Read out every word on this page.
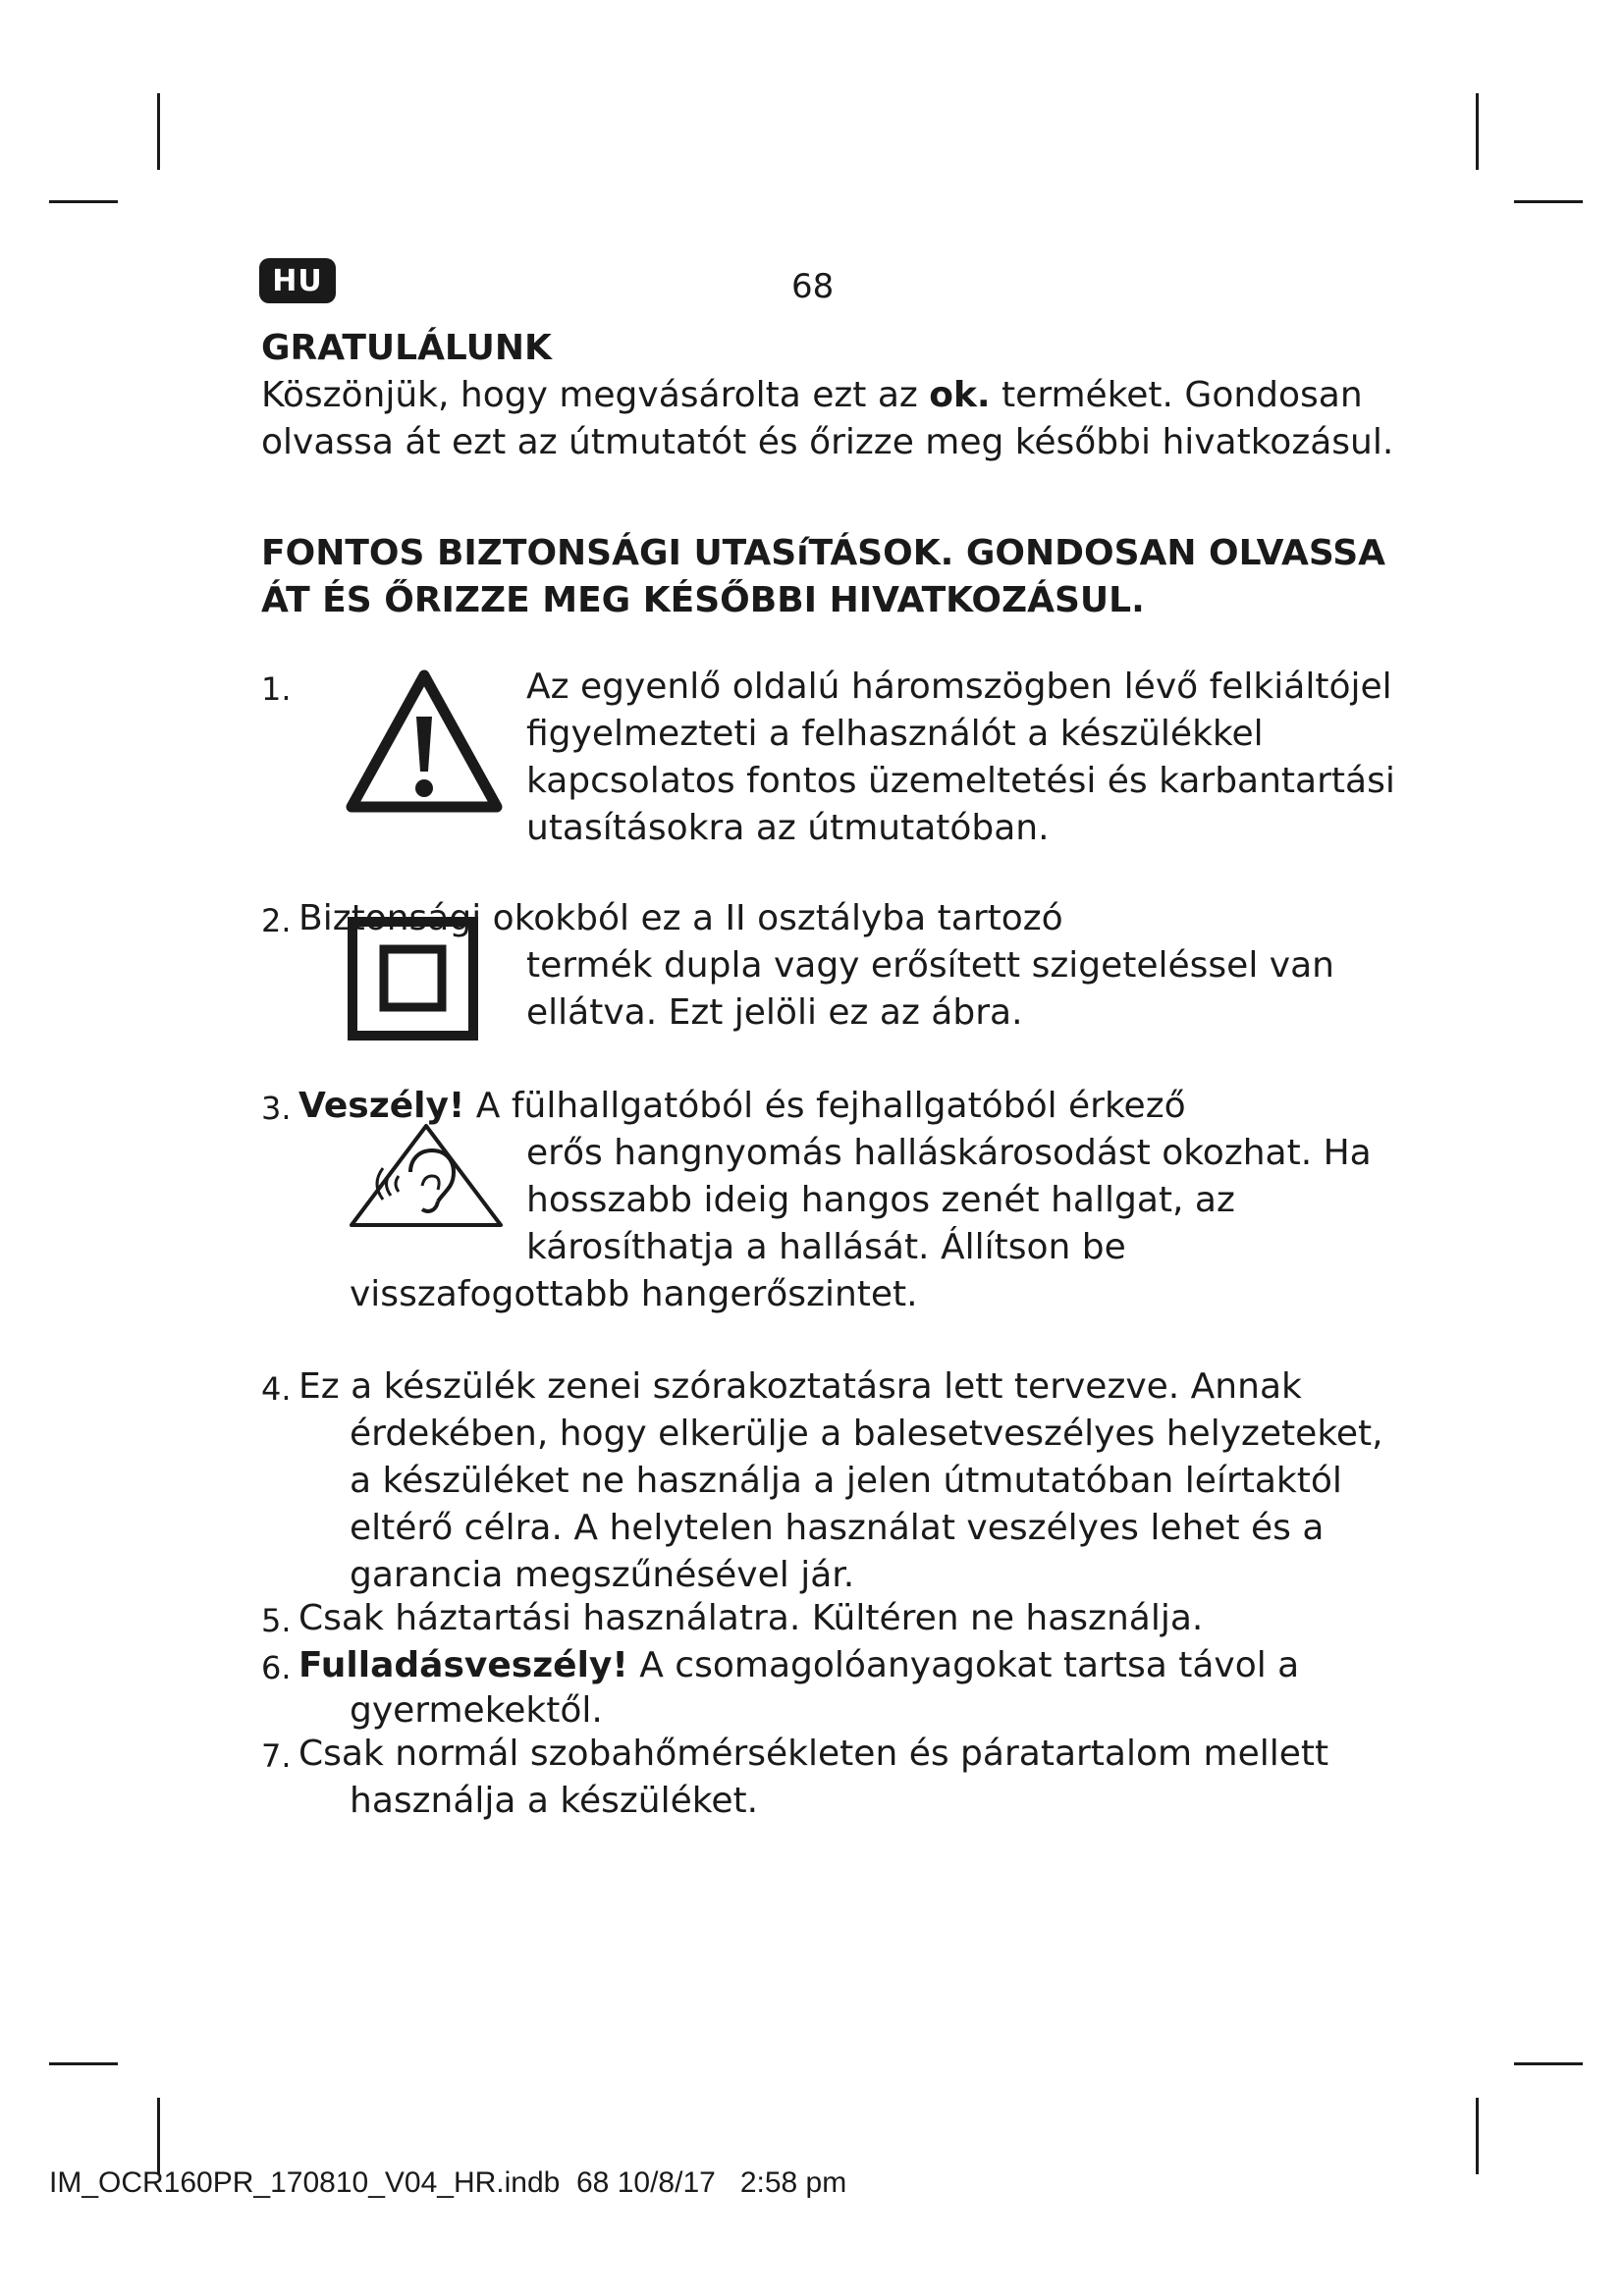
HU	68
GRATULÁLUNK
Köszönjük, hogy megvásárolta ezt az ok. terméket. Gondosan
olvassa át ezt az útmutatót és őrizze meg későbbi hivatkozásul.
FONTOS BIZTONSÁGI UTASíTÁSOK. GONDOSAN OLVASSA
ÁT ÉS ŐRIZZE MEG KÉSŐBBI HIVATKOZÁSUL.
1.	Az egyenlő oldalú háromszögben lévő felkiáltójel
figyelmezteti a felhasználót a készülékkel
kapcsolatos fontos üzemeltetési és karbantartási
utasításokra az útmutatóban.
2. Biztonsági okokból ez a II osztályba tartozó
termék dupla vagy erősített szigeteléssel van
ellátva. Ezt jelöli ez az ábra.
3. Veszély! A fülhallgatóból és fejhallgatóból érkező
erős hangnyomás halláskárosodást okozhat. Ha
hosszabb ideig hangos zenét hallgat, az
károsíthatja a hallását. Állítson be
visszafogottabb hangerőszintet.
4. Ez a készülék zenei szórakoztatásra lett tervezve. Annak
érdekében, hogy elkerülje a balesetveszélyes helyzeteket,
a készüléket ne használja a jelen útmutatóban leírtaktól
eltérő célra. A helytelen használat veszélyes lehet és a
garancia megszűnésével jár.
5. Csak háztartási használatra. Kültéren ne használja.
6. Fulladásveszély! A csomagolóanyagokat tartsa távol a
gyermekektől.
7. Csak normál szobahőmérsékleten és páratartalom mellett
használja a készüléket.
IM_OCR160PR_170810_V04_HR.indb 68 10/8/17 2:58 pm
